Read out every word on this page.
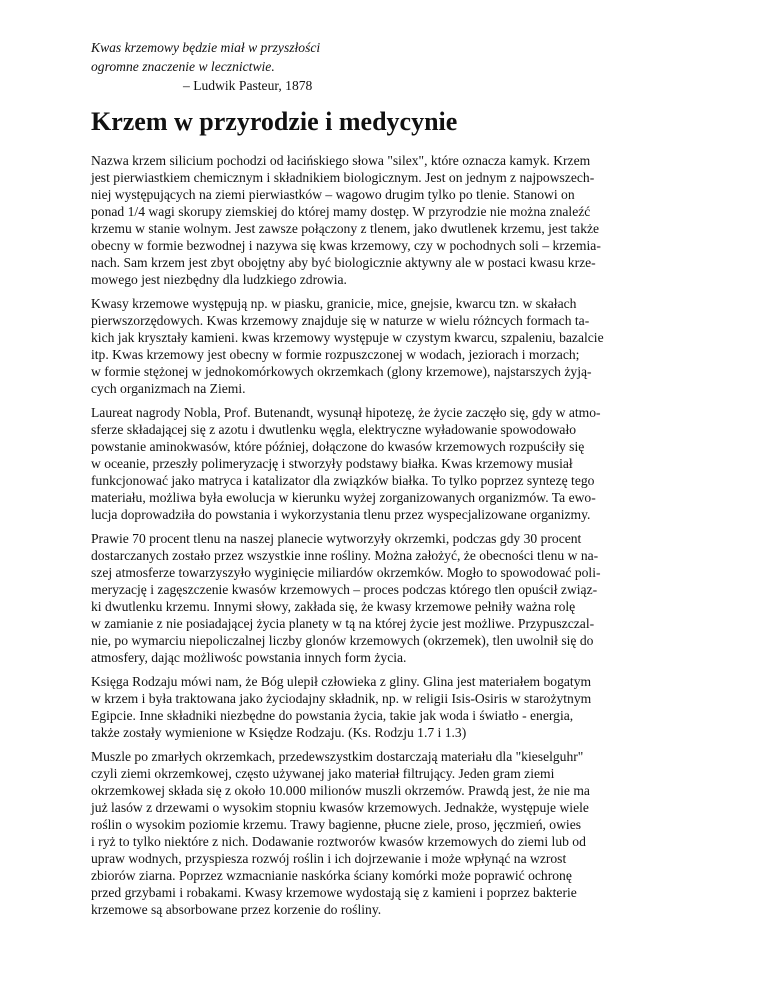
Kwas krzemowy będzie miał w przyszłości
ogromne znaczenie w lecznictwie.
– Ludwik Pasteur, 1878
Krzem w przyrodzie i medycynie
Nazwa krzem silicium pochodzi od łacińskiego słowa "silex", które oznacza kamyk. Krzem
jest pierwiastkiem chemicznym i składnikiem biologicznym. Jest on jednym z najpowszech-
niej występujących na ziemi pierwiastków – wagowo drugim tylko po tlenie. Stanowi on
ponad 1/4 wagi skorupy ziemskiej do której mamy dostęp. W przyrodzie nie można znaleźć
krzemu w stanie wolnym. Jest zawsze połączony z tlenem, jako dwutlenek krzemu, jest także
obecny w formie bezwodnej i nazywa się kwas krzemowy, czy w pochodnych soli – krzemia-
nach. Sam krzem jest zbyt obojętny aby być biologicznie aktywny ale w postaci kwasu krze-
mowego jest niezbędny dla ludzkiego zdrowia.
Kwasy krzemowe występują np. w piasku, granicie, mice, gnejsie, kwarcu tzn. w skałach
pierwszorzędowych. Kwas krzemowy znajduje się w naturze w wielu różncych formach ta-
kich jak kryształy kamieni. kwas krzemowy występuje w czystym kwarcu, szpaleniu, bazalcie
itp. Kwas krzemowy jest obecny w formie rozpuszczonej w wodach, jeziorach i morzach;
w formie stężonej w jednokomórkowych okrzemkach (glony krzemowe), najstarszych żyją-
cych organizmach na Ziemi.
Laureat nagrody Nobla, Prof. Butenandt, wysunął hipotezę, że życie zaczęło się, gdy w atmo-
sferze składającej się z azotu i dwutlenku węgla, elektryczne wyładowanie spowodowało
powstanie aminokwasów, które później, dołączone do kwasów krzemowych rozpuściły się
w oceanie, przeszły polimeryzację i stworzyły podstawy białka. Kwas krzemowy musiał
funkcjonować jako matryca i katalizator dla związków białka. To tylko poprzez syntezę tego
materiału, możliwa była ewolucja w kierunku wyżej zorganizowanych organizmów. Ta ewo-
lucja doprowadziła do powstania i wykorzystania tlenu przez wyspecjalizowane organizmy.
Prawie 70 procent tlenu na naszej planecie wytworzyły okrzemki, podczas gdy 30 procent
dostarczanych zostało przez wszystkie inne rośliny. Można założyć, że obecności tlenu w na-
szej atmosferze towarzyszyło wyginięcie miliardów okrzemków. Mogło to spowodować poli-
meryzację i zagęszczenie kwasów krzemowych – proces podczas którego tlen opuścił związ-
ki dwutlenku krzemu. Innymi słowy, zakłada się, że kwasy krzemowe pełniły ważna rolę
w zamianie z nie posiadającej życia planety w tą na której życie jest możliwe. Przypuszczal-
nie, po wymarciu niepoliczalnej liczby glonów krzemowych (okrzemek), tlen uwolnił się do
atmosfery, dając możliwośc powstania innych form życia.
Księga Rodzaju mówi nam, że Bóg ulepił człowieka z gliny. Glina jest materiałem bogatym
w krzem i była traktowana jako życiodajny składnik, np. w religii Isis-Osiris w starożytnym
Egipcie. Inne składniki niezbędne do powstania życia, takie jak woda i światło - energia,
także zostały wymienione w Księdze Rodzaju. (Ks. Rodzju 1.7 i 1.3)
Muszle po zmarłych okrzemkach, przedewszystkim dostarczają materiału dla "kieselguhr"
czyli ziemi okrzemkowej, często używanej jako materiał filtrujący. Jeden gram ziemi
okrzemkowej składa się z około 10.000 milionów muszli okrzemów. Prawdą jest, że nie ma
już lasów z drzewami o wysokim stopniu kwasów krzemowych. Jednakże, występuje wiele
roślin o wysokim poziomie krzemu. Trawy bagienne, płucne ziele, proso, jęczmień, owies
i ryż to tylko niektóre z nich. Dodawanie roztworów kwasów krzemowych do ziemi lub od
upraw wodnych, przyspiesza rozwój roślin i ich dojrzewanie i może wpłynąć na wzrost
zbiorów ziarna. Poprzez wzmacnianie naskórka ściany komórki może poprawić ochronę
przed grzybami i robakami. Kwasy krzemowe wydostają się z kamieni i poprzez bakterie
krzemowe są absorbowane przez korzenie do rośliny.
